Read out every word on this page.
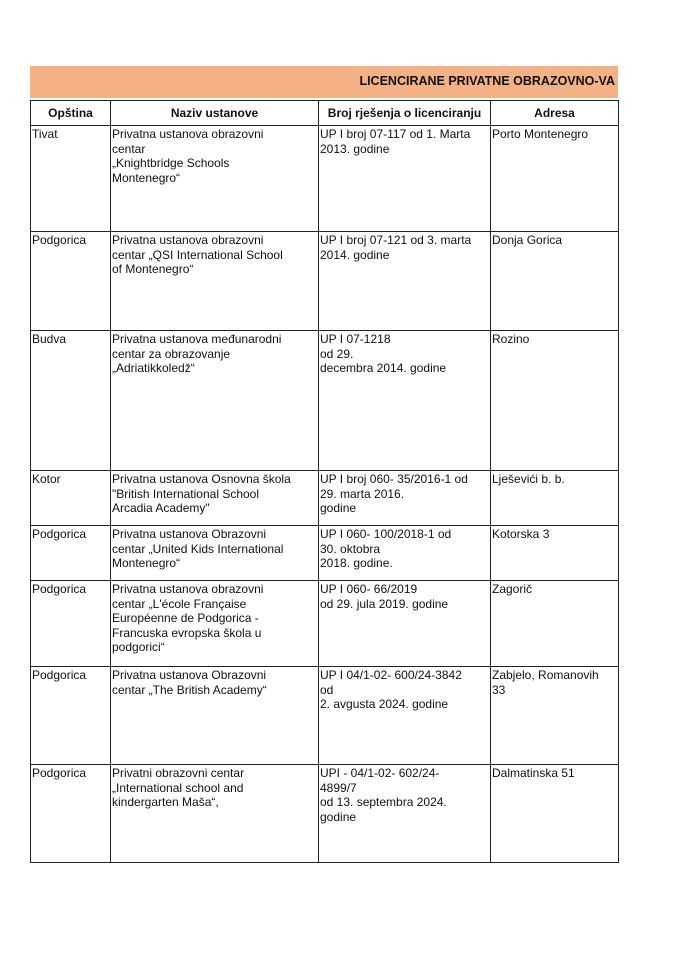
LICENCIRANE PRIVATNE OBRAZOVNO-VA
Opština	Naziv ustanove	Broj rješenja o licenciranju	Adresa

Tivat	Privatna ustanova obrazovni
centar
„Knightbridge Schools
Montenegro“	UP I broj 07-117 od 1. Marta
2013. godine	Porto Montenegro

Podgorica	Privatna ustanova obrazovni
centar „QSI International School
of Montenegro“	UP I broj 07-121 od 3. marta
2014. godine	Donja Gorica

Budva	Privatna ustanova međunarodni
centar za obrazovanje
„Adriatikkoledž“	UP I 07-1218
od 29.
decembra 2014. godine	Rozino

Kotor	Privatna ustanova Osnovna škola
"British International School
Arcadia Academy"	UP I broj 060- 35/2016-1 od
29. marta 2016.
godine	Lješevići b. b.

Podgorica	Privatna ustanova Obrazovni
centar „United Kids International
Montenegro“	UP I 060- 100/2018-1 od
30. oktobra
2018. godine.	Kotorska 3

Podgorica	Privatna ustanova obrazovni
centar „L'école Française
Européenne de Podgorica -
Francuska evropska škola u
podgorici“	UP I 060- 66/2019
od 29. jula 2019. godine	Zagorič

Podgorica	Privatna ustanova Obrazovni
centar „The British Academy“	UP I 04/1-02- 600/24-3842
od
2. avgusta 2024. godine	Zabjelo, Romanovih
33

Podgorica	Privatni obrazovni centar
„International school and
kindergarten Maša“,	UPI - 04/1-02- 602/24-
4899/7
od 13. septembra 2024.
godine	Dalmatinska 51
